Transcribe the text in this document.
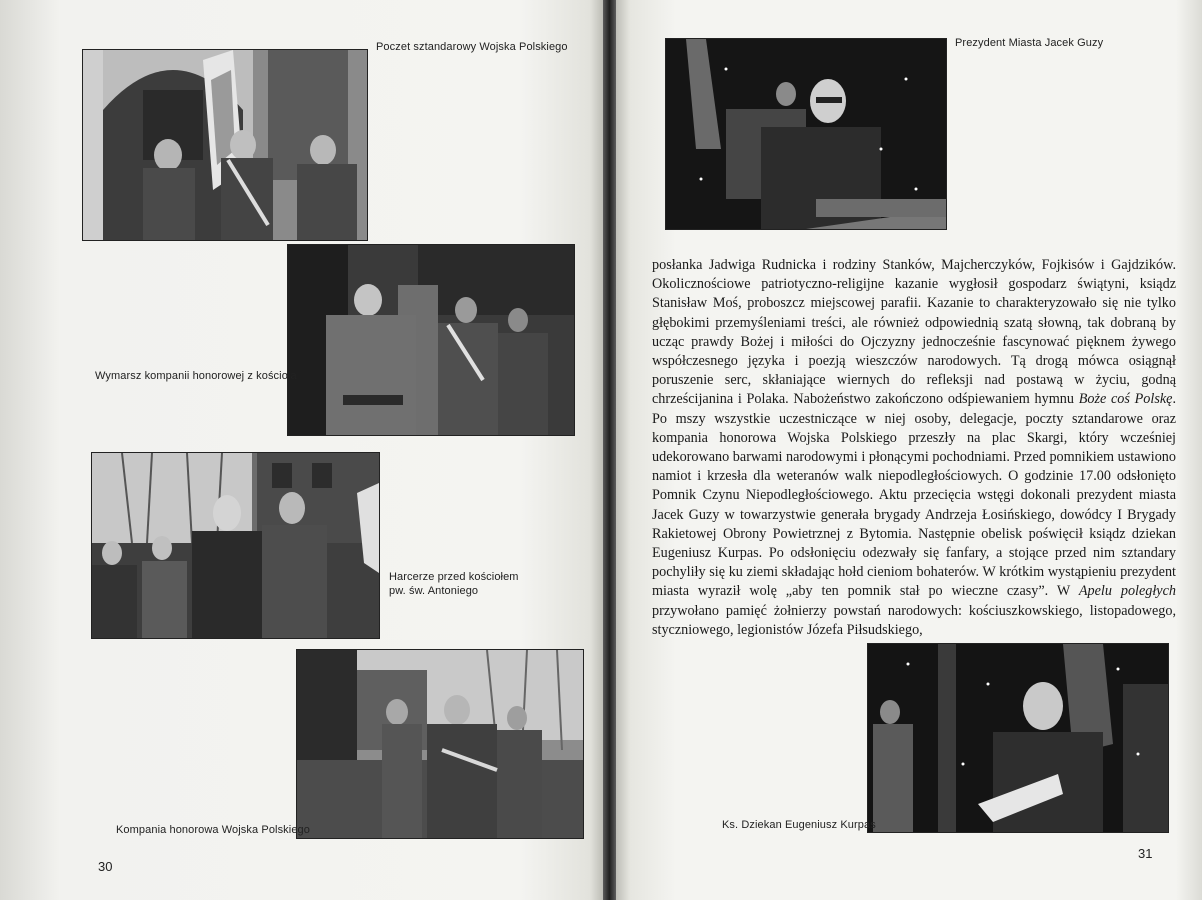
Poczet sztandarowy Wojska Polskiego
Wymarsz kompanii honorowej z kościoła
Harcerze przed kościołem
pw. św. Antoniego
Kompania honorowa Wojska Polskiego
30
Prezydent Miasta Jacek Guzy

posłanka Jadwiga Rudnicka i rodziny Stanków, Majcherczyków, Fojkisów i Gajdzików. Okolicznościowe patriotyczno-religijne kazanie wygłosił gospodarz świątyni, ksiądz Stanisław Moś, proboszcz miejscowej parafii. Kazanie to charakteryzowało się nie tylko głębokimi przemyśleniami treści, ale również odpowiednią szatą słowną, tak dobraną by ucząc prawdy Bożej i miłości do Ojczyzny jednocześnie fascynować pięknem żywego współczesnego języka i poezją wieszczów narodowych. Tą drogą mówca osiągnął poruszenie serc, skłaniające wiernych do refleksji nad postawą w życiu, godną chrześcijanina i Polaka. Nabożeństwo zakończono odśpiewaniem hymnu Boże coś Polskę. Po mszy wszystkie uczestniczące w niej osoby, delegacje, poczty sztandarowe oraz kompania honorowa Wojska Polskiego przeszły na plac Skargi, który wcześniej udekorowano barwami narodowymi i płonącymi pochodniami. Przed pomnikiem ustawiono namiot i krzesła dla weteranów walk niepodległościowych. O godzinie 17.00 odsłonięto Pomnik Czynu Niepodległościowego. Aktu przecięcia wstęgi dokonali prezydent miasta Jacek Guzy w towarzystwie generała brygady Andrzeja Łosińskiego, dowódcy I Brygady Rakietowej Obrony Powietrznej z Bytomia. Następnie obelisk poświęcił ksiądz dziekan Eugeniusz Kurpas. Po odsłonięciu odezwały się fanfary, a stojące przed nim sztandary pochyliły się ku ziemi składając hołd cieniom bohaterów. W krótkim wystąpieniu prezydent miasta wyraził wolę „aby ten pomnik stał po wieczne czasy”. W Apelu poległych przywołano pamięć żołnierzy powstań narodowych: kościuszkowskiego, listopadowego, styczniowego, legionistów Józefa Piłsudskiego,

Ks. Dziekan Eugeniusz Kurpas
31
